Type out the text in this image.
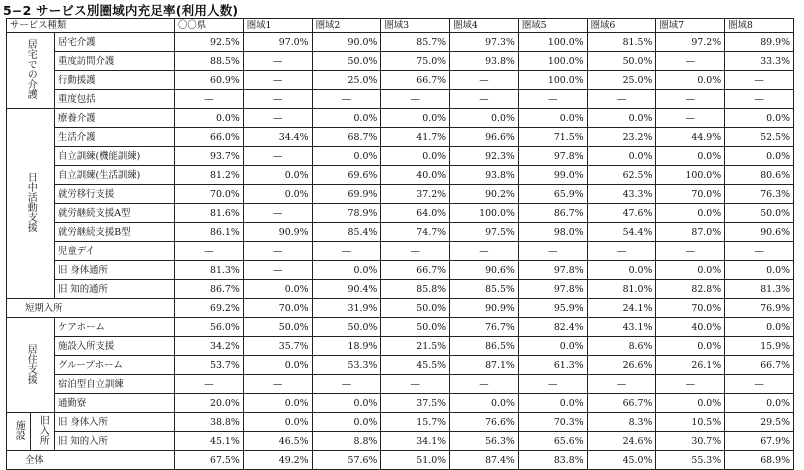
5−2 サービス別圏域内充足率(利用人数)
サービス種類			〇〇県	圏域1	圏域2	圏域3	圏域4	圏域5	圏域6	圏域7	圏域8
居宅での介護		居宅介護	92.5%	97.0%	90.0%	85.7%	97.3%	100.0%	81.5%	97.2%	89.9%
		重度訪問介護	88.5%	—	50.0%	75.0%	93.8%	100.0%	50.0%	—	33.3%
		行動援護	60.9%	—	25.0%	66.7%	—	100.0%	25.0%	0.0%	—
		重度包括	—	—	—	—	—	—	—	—	—
日中活動支援		療養介護	0.0%	—	0.0%	0.0%	0.0%	0.0%	0.0%	—	0.0%
		生活介護	66.0%	34.4%	68.7%	41.7%	96.6%	71.5%	23.2%	44.9%	52.5%
		自立訓練(機能訓練)	93.7%	—	0.0%	0.0%	92.3%	97.8%	0.0%	0.0%	0.0%
		自立訓練(生活訓練)	81.2%	0.0%	69.6%	40.0%	93.8%	99.0%	62.5%	100.0%	80.6%
		就労移行支援	70.0%	0.0%	69.9%	37.2%	90.2%	65.9%	43.3%	70.0%	76.3%
		就労継続支援A型	81.6%	—	78.9%	64.0%	100.0%	86.7%	47.6%	0.0%	50.0%
		就労継続支援B型	86.1%	90.9%	85.4%	74.7%	97.5%	98.0%	54.4%	87.0%	90.6%
		児童デイ	—	—	—	—	—	—	—	—	—
		旧 身体通所	81.3%	—	0.0%	66.7%	90.6%	97.8%	0.0%	0.0%	0.0%
		旧 知的通所	86.7%	0.0%	90.4%	85.8%	85.5%	97.8%	81.0%	82.8%	81.3%
短期入所			69.2%	70.0%	31.9%	50.0%	90.9%	95.9%	24.1%	70.0%	76.9%
居住支援		ケアホーム	56.0%	50.0%	50.0%	50.0%	76.7%	82.4%	43.1%	40.0%	0.0%
		施設入所支援	34.2%	35.7%	18.9%	21.5%	86.5%	0.0%	8.6%	0.0%	15.9%
		グループホーム	53.7%	0.0%	53.3%	45.5%	87.1%	61.3%	26.6%	26.1%	66.7%
		宿泊型自立訓練	—	—	—	—	—	—	—	—	—
		通勤寮	20.0%	0.0%	0.0%	37.5%	0.0%	0.0%	66.7%	0.0%	0.0%
施設	旧入所	旧 身体入所	38.8%	0.0%	0.0%	15.7%	76.6%	70.3%	8.3%	10.5%	29.5%
		旧 知的入所	45.1%	46.5%	8.8%	34.1%	56.3%	65.6%	24.6%	30.7%	67.9%
全体			67.5%	49.2%	57.6%	51.0%	87.4%	83.8%	45.0%	55.3%	68.9%
